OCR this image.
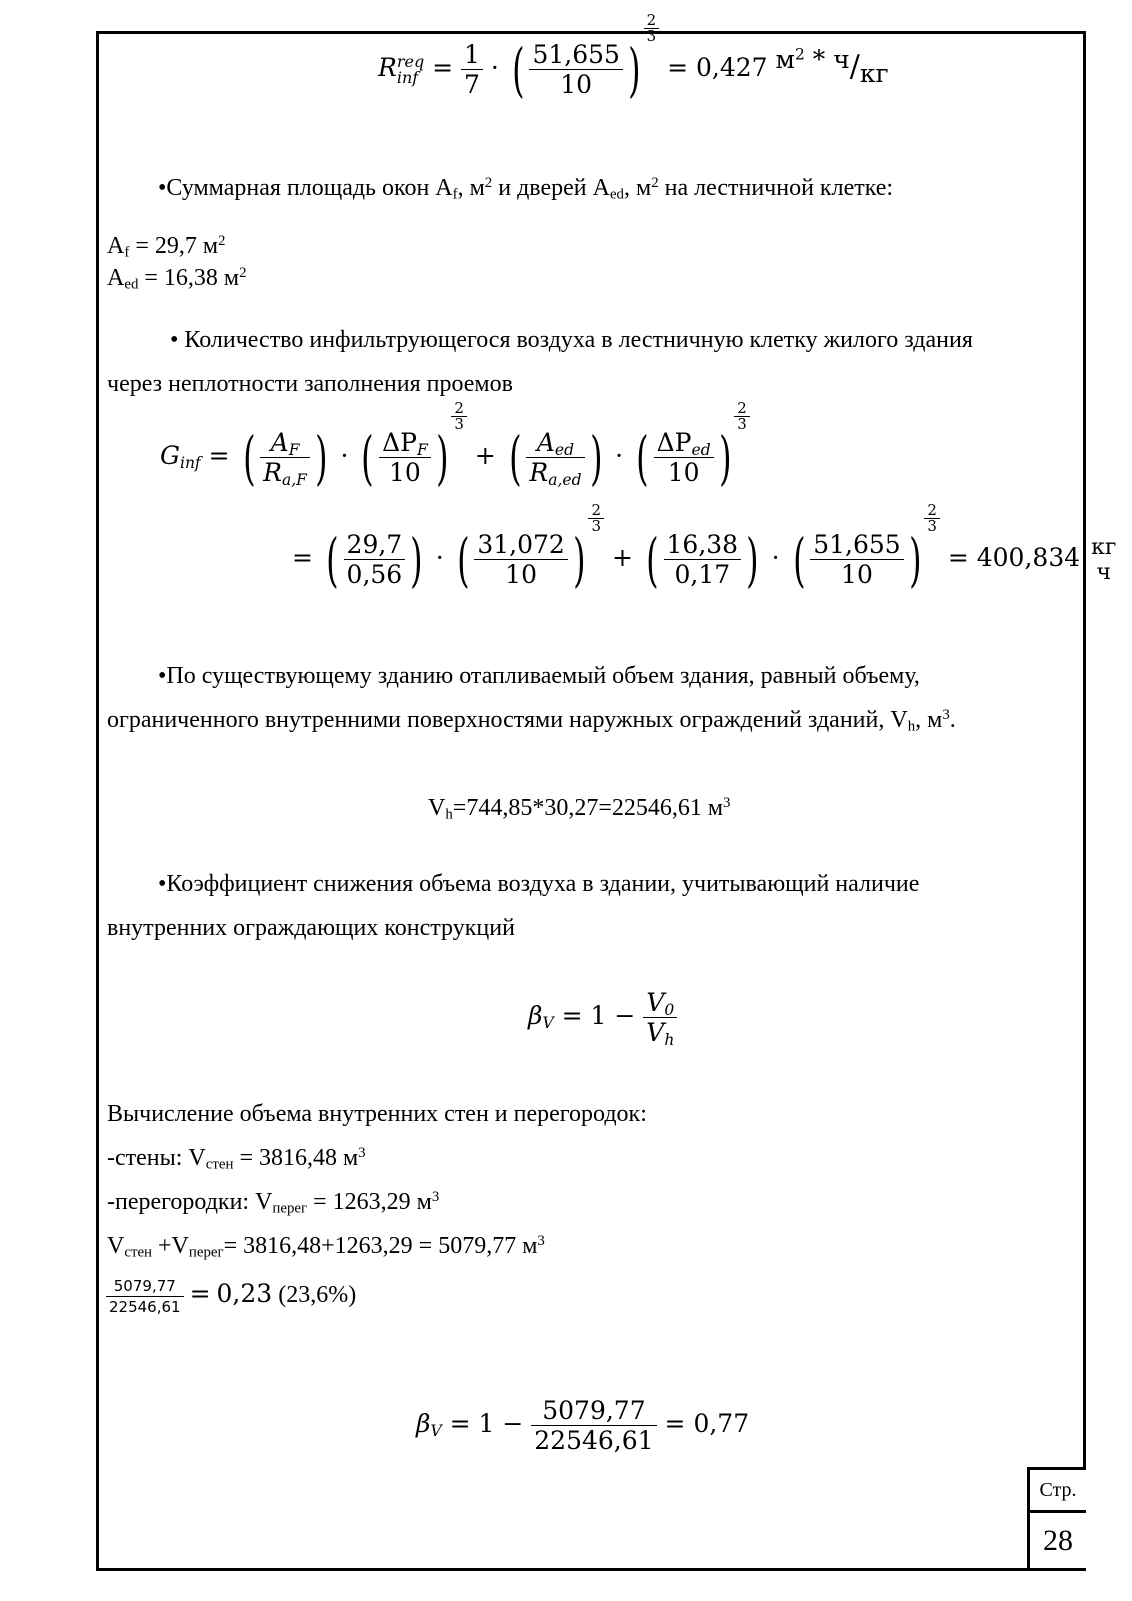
R req
inf = $\frac{1}{7}$ · ( $\frac{51,655}{10}$ )
$\frac{2}{3}$
= 0,427 $м^2 * ч/кг$
•Суммарная площадь окон $A_f$, $м^2$ и дверей $A_{ed}$, $м^2$ на лестничной клетке:
$A_f = 29,7$ $м^2$
$A_{ed} = 16,38$ $м^2$
• Количество инфильтрующегося воздуха в лестничную клетку жилого здания
через неплотности заполнения проемов
$G_{inf}$ = ( $\frac{A_F}{R_{a,F}}$ ) · ( $\frac{\Delta P_F}{10}$ )
$\frac{2}{3}$
+ ( $\frac{A_{ed}}{R_{a,ed}}$ ) · ( $\frac{\Delta P_{ed}}{10}$ )
$\frac{2}{3}$
= ( $\frac{29,7}{0,56}$ ) · ( $\frac{31,072}{10}$ )
$\frac{2}{3}$
+ ( $\frac{16,38}{0,17}$ ) · ( $\frac{51,655}{10}$ )
$\frac{2}{3}$
= 400,834 кг
ч
•По существующему зданию отапливаемый объем здания, равный объему,
ограниченного внутренними поверхностями наружных ограждений зданий, $V_h$, $м^3$.
$V_h=744,85*30,27=22546,61$ $м^3$
•Коэффициент снижения объема воздуха в здании, учитывающий наличие
внутренних ограждающих конструкций
$\beta_V = 1 - \frac{V_0}{V_h}$
Вычисление объема внутренних стен и перегородок:
-стены: $V_{стен} = 3816,48$ $м^3$
-перегородки: $V_{перег} = 1263,29$ $м^3$
$V_{стен} +V_{перег}= 3816,48+1263,29 = 5079,77$ $м^3$
$\frac{5079,77}{22546,61} = 0,23$ (23,6%)
$\beta_V = 1 - \frac{5079,77}{22546,61} = 0,77$
Стр.
28
